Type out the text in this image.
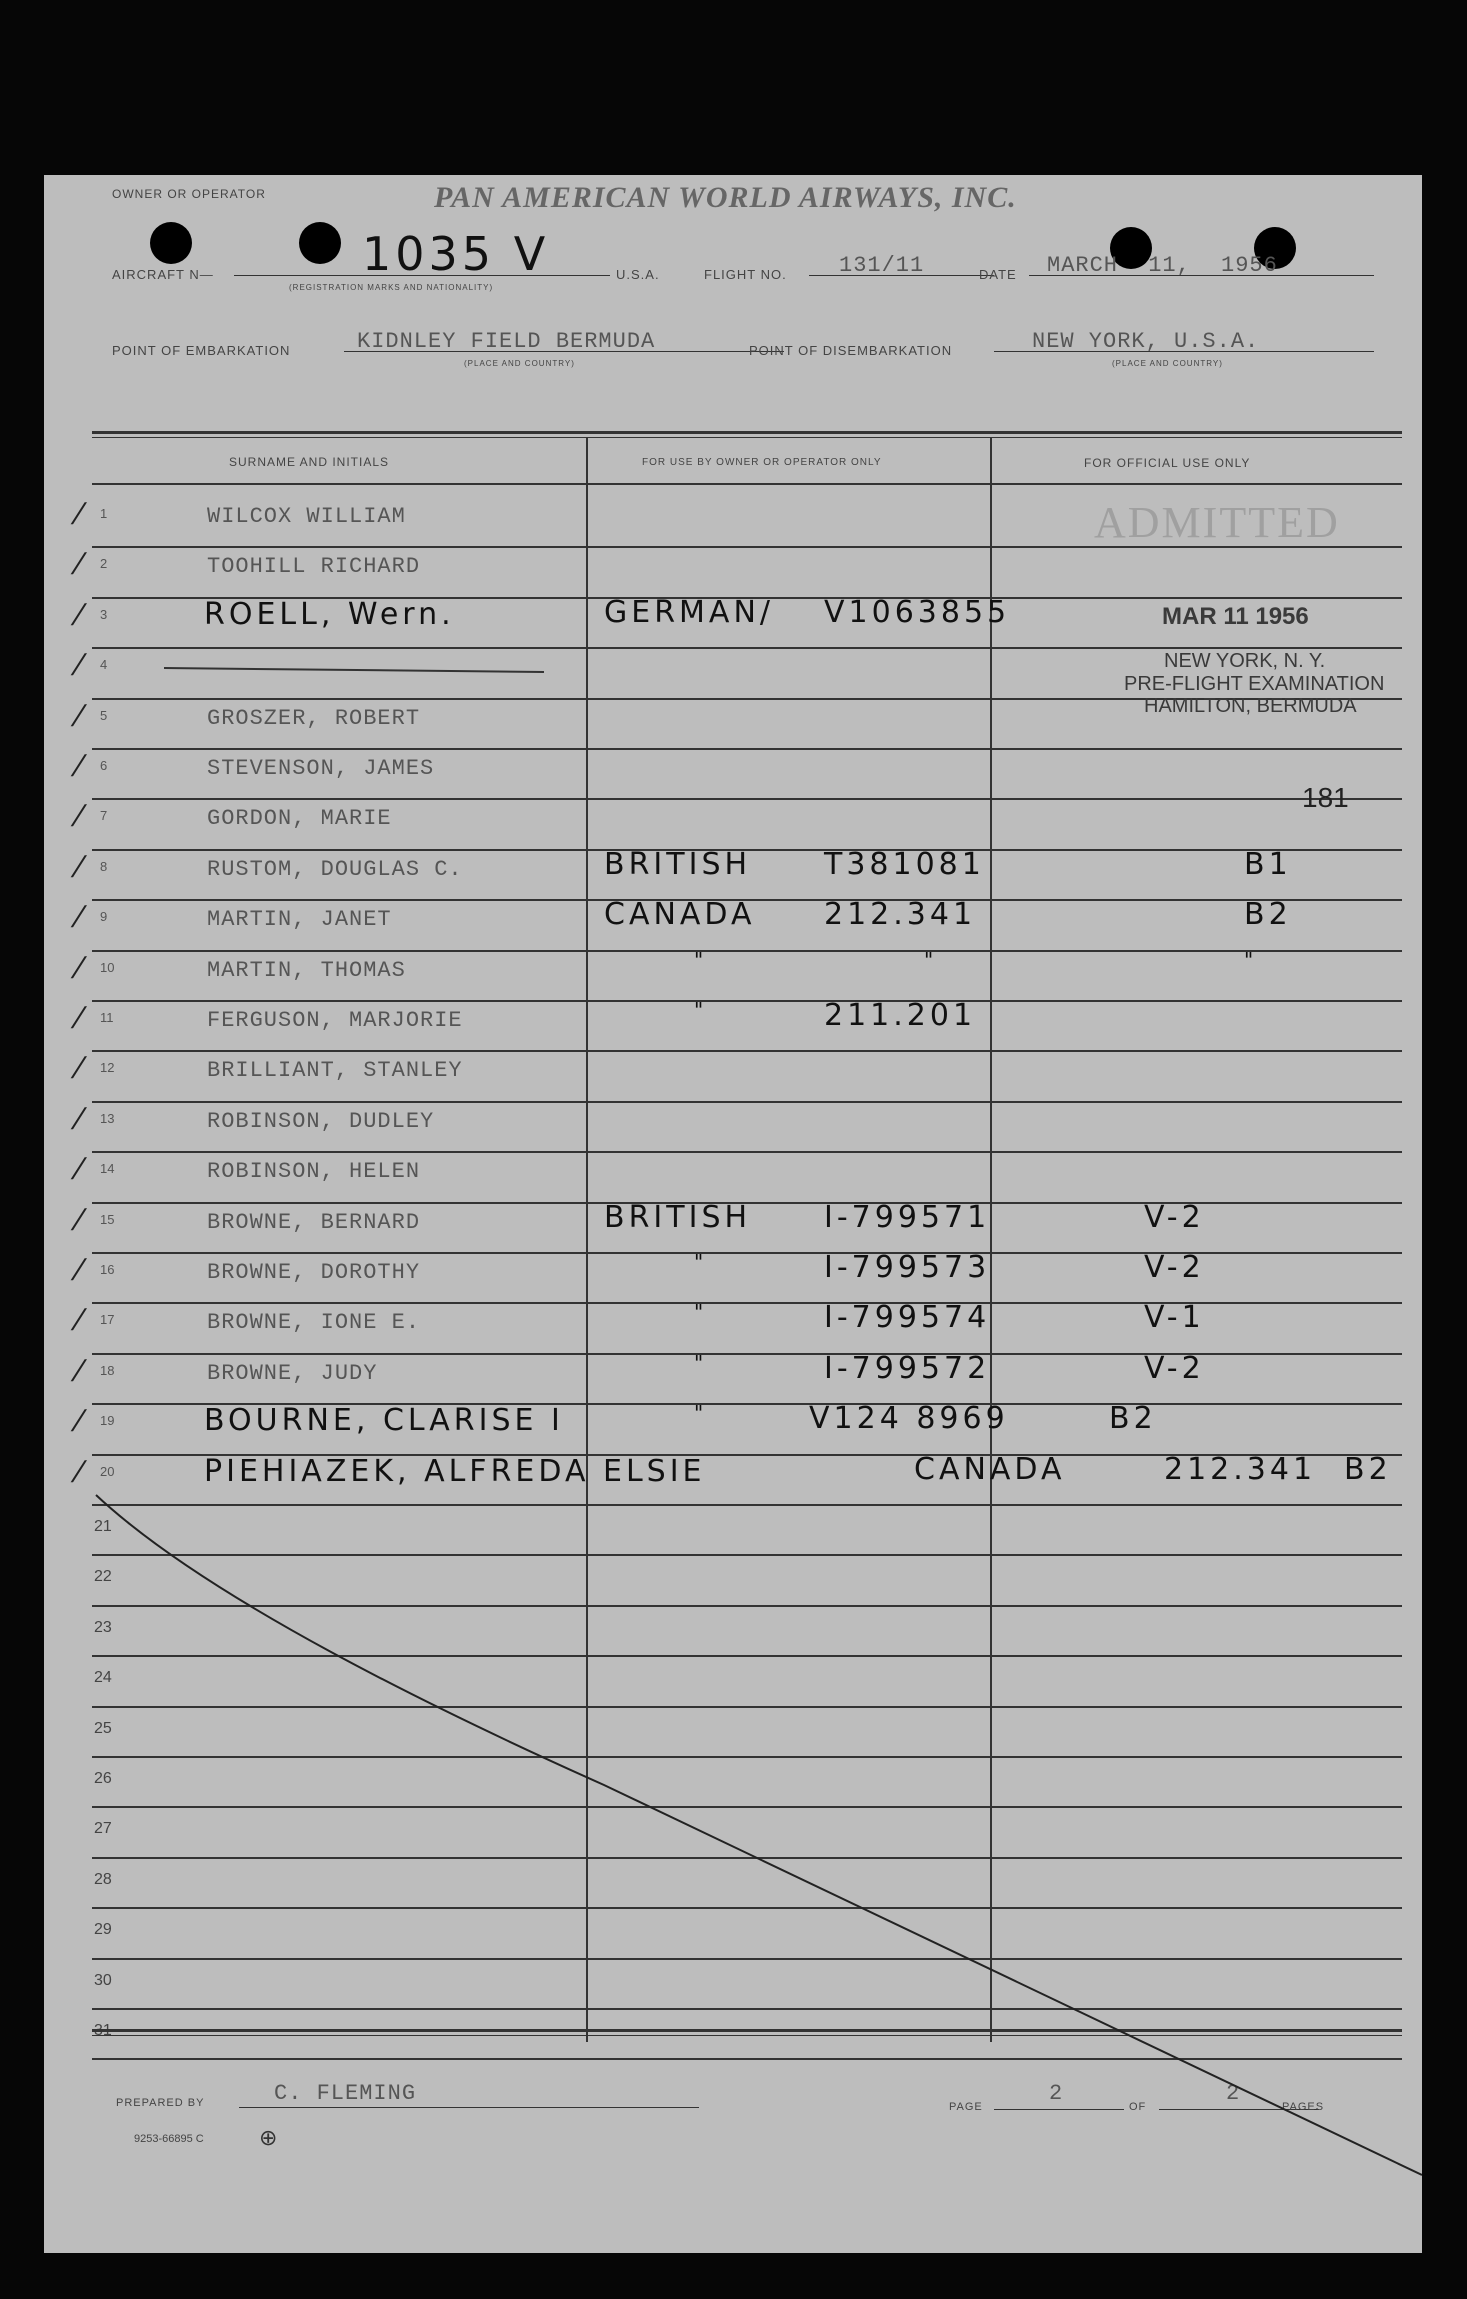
OWNER OR OPERATOR	PAN AMERICAN WORLD AIRWAYS, INC.
AIRCRAFT N—	1035 V
(REGISTRATION MARKS AND NATIONALITY)
U.S.A.	FLIGHT NO. 131/11	DATE MARCH 11, 1956
POINT OF EMBARKATION	KIDNLEY FIELD BERMUDA
(PLACE AND COUNTRY)
POINT OF DISEMBARKATION	NEW YORK, U.S.A.
(PLACE AND COUNTRY)
SURNAME AND INITIALS	FOR USE BY OWNER OR OPERATOR ONLY	FOR OFFICIAL USE ONLY
/ 1	WILCOX WILLIAM
/ 2	TOOHILL RICHARD
/ 3	ROELL, Wern.	GERMAN/ V1063855
/ 4
/ 5	GROSZER, ROBERT
/ 6	STEVENSON, JAMES
/ 7	GORDON, MARIE
/ 8	RUSTOM, DOUGLAS C.	BRITISH T381081	B1
/ 9	MARTIN, JANET	CANADA 212.341	B2
/ 10	MARTIN, THOMAS	"	"	"
/ 11	FERGUSON, MARJORIE	"	211.201
/ 12	BRILLIANT, STANLEY
/ 13	ROBINSON, DUDLEY
/ 14	ROBINSON, HELEN
/ 15	BROWNE, BERNARD	BRITISH I-799571	V-2
/ 16	BROWNE, DOROTHY	"	I-799573	V-2
/ 17	BROWNE, IONE E.	"	I-799574	V-1
/ 18	BROWNE, JUDY	"	I-799572	V-2
/ 19	BOURNE, CLARISE I	"	V124 8969	B2
/ 20	PIEHIAZEK, ALFREDA ELSIE	CANADA	212.341 B2
21
22
23
24
25
26
27
28
29
30
ADMITTED
MAR 11 1956
NEW YORK, N. Y.
PRE-FLIGHT EXAMINATION
HAMILTON, BERMUDA
181
PREPARED BY	C. FLEMING
PAGE
2
OF
2
PAGES
9253-66895 C	⊕
